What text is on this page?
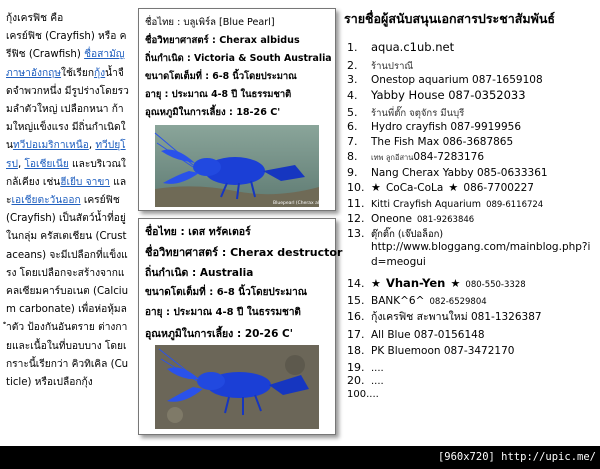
กุ้งเครฟิช คือ
เครย์ฟิช (Crayfish) หรือ ครีฟิช (Crawfish) ชื่อสามัญภาษาอังกฤษใช้เรียกกุ้งน้ำจืดจำพวกหนึ่ง มีรูปร่างโดยรวมลำตัวใหญ่ เปลือกหนา ก้ามใหญ่แข็งแรง มีถิ่นกำเนิดในทวีปอเมริกาเหนือ, ทวีปยุโรป, โอเชียเนีย และบริเวณใกล้เคียง เช่นฮีเยีบ จาขา และเอเชียตะวันออก เครย์ฟิช (Crayfish) เป็นสัตว์น้ำที่อยู่ในกลุ่ม ครัสเตเชียน (Crustaceans) จะมีเปลือกที่แข็งแรง โดยเปลือกจะสร้างจากแคลเซียมคาร์บอเนต (Calcium carbonate) เพื่อห่อหุ้มลำตัว ป้องกันอันตราย ต่างกายและเนื้อในที่บอบบาง โดยเกราะนี้เรียกว่า คิวทิเคิล (Cuticle) หรือเปลือกกุ้ง
ชื่อไทย : บลูเพิร์ล [Blue Pearl]
ชื่อวิทยาศาสตร์ : Cherax albidus
ถิ่นกำเนิด : Victoria & South Australia
ขนาดโตเต็มที่ : 6-8 นิ้วโดยประมาณ
อายุ : ประมาณ 4-8 ปี ในธรรมชาติ
อุณหภูมิในการเลี้ยง : 18-26 C'
Bluepearl (Cherax albidus)
ชื่อไทย : เดส ทรัคเตอร์
ชื่อวิทยาศาสตร์ : Cherax destructor
ถิ่นกำเนิด : Australia
ขนาดโตเต็มที่ : 6-8 นิ้วโดยประมาณ
อายุ : ประมาณ 4-8 ปี ในธรรมชาติ
อุณหภูมิในการเลี้ยง : 20-26 C'
รายชื่อผู้สนับสนุนเอกสารประชาสัมพันธ์
1. aqua.c1ub.net
2. ร้านปราณี
3. Onestop aquarium 087-1659108
4. Yabby House 087-0352033
5. ร้านพี่ตั๊ก จตุจักร มีนบุรี
6. Hydro crayfish 087-9919956
7. The Fish Max 086-3687865
8. เทพ ลูกอีสาน084-7283176
9. Nang Cherax Yabby 085-0633361
10. ★ CoCa-CoLa ★ 086-7700227
11. Kitti Crayfish Aquarium 089-6116724
12. Oneone 081-9263846
13. ตุ๊กติ๊ก (เจ๊ปอล็อก)
http://www.bloggang.com/mainblog.php?id=meogui
14. ★ Vhan-Yen ★ 080-550-3328
15. BANK^6^ 082-6529804
16. กุ้งเครฟิช สะพานใหม่ 081-1326387
17. All Blue 087-0156148
18. PK Bluemoon 087-3472170
19. ....
20. ....
100....
[960x720] http://upic.me/
